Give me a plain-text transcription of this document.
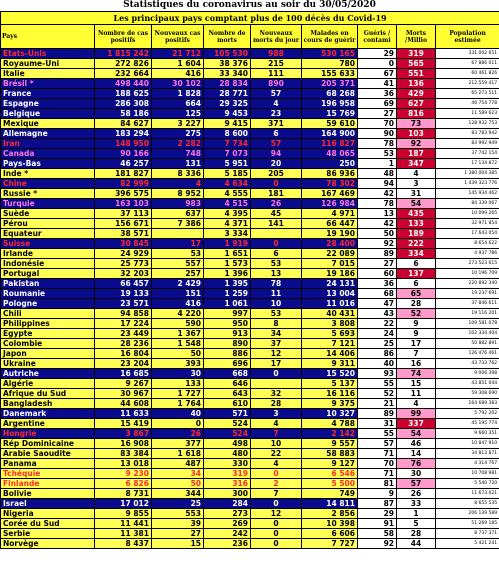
Statistiques du coronavirus au soir du 30/05/2020
Les principaux pays comptant plus de 100 décès du Covid-19								
Pays	Nombre de cas positifs	Nouveaux cas positifs	Nombre de morts	Nouveaux morts du jour	Malades en cours de guérir	Guéris / contami	Morts /Millio	Population estimée
Etats-Unis	1 815 242	21 712	105 530	988	530 165	29	319	331 002 651
Royaume-Uni	272 826	1 604	38 376	215	780	0	565	67 886 011
Italie	232 664	416	33 340	111	155 633	67	551	60 461 826
Brésil *	498 440	30 102	28 834	890	205 371	41	136	212 559 417
France	188 625	1 828	28 771	57	68 268	36	429	65 273 511
Espagne	286 308	664	29 325	4	196 958	69	627	46 754 778
Belgique	58 186	125	9 453	23	15 769	27	816	11 589 623
Mexique	84 627	3 227	9 415	371	59 610	70	73	128 932 753
Allemagne	183 294	275	8 600	6	164 900	90	103	83 783 942
Iran	148 950	2 282	7 734	57	116 827	78	92	83 992 949
Canada	90 166	748	7 073	94	48 065	53	187	37 742 154
Pays-Bas	46 257	131	5 951	20	250	1	347	17 134 872
Inde *	181 827	8 336	5 185	205	86 936	48	4	1 380 004 385
Chine	82 999	4	4 634	0	78 302	94	3	1 439 323 776
Russie *	396 575	8 952	4 555	181	167 469	42	31	145 934 462
Turquie	163 103	983	4 515	26	126 984	78	54	84 339 067
Suède	37 113	637	4 395	45	4 971	13	435	10 099 265
Pérou	156 671	7 386	4 371	141	66 447	42	133	32 971 854
Equateur	38 571		3 334		19 190	50	189	17 643 054
Suisse	30 845	17	1 919	0	28 400	92	222	8 654 622
Irlande	24 929	53	1 651	6	22 089	89	334	4 937 786
Indonésie	25 773	557	1 573	53	7 015	27	6	273 523 615
Portugal	32 203	257	1 396	13	19 186	60	137	10 196 709
Pakistan	66 457	2 429	1 395	78	24 131	36	6	220 892 340
Roumanie	19 133	151	1 259	11	13 004	68	65	19 237 691
Pologne	23 571	416	1 061	10	11 016	47	28	37 846 611
Chili	94 858	4 220	997	53	40 431	43	52	19 116 201
Philippines	17 224	590	950	8	3 808	22	9	109 581 078
Egypte	23 449	1 367	913	34	5 693	24	9	102 334 404
Colombie	28 236	1 548	890	37	7 121	25	17	50 882 891
Japon	16 804	50	886	12	14 406	86	7	126 476 461
Ukraine	23 204	393	696	17	9 311	40	16	43 733 762
Autriche	16 685	30	668	0	15 520	93	74	9 006 398
Algérie	9 267	133	646		5 137	55	15	43 851 044
Afrique du Sud	30 967	1 727	643	32	16 116	52	11	59 308 690
Bangladesh	44 608	1 764	610	28	9 375	21	4	164 689 383
Danemark	11 633	40	571	3	10 327	89	99	5 792 202
Argentine	15 419	0	524	4	4 788	31	337	45 195 774
Hongrie	3 867	26	524	7	2 142	55	54	9 660 351
Rép Dominicaine	16 908	377	498	10	9 557	57	46	10 847 910
Arabie Saoudite	83 384	1 618	480	22	58 883	71	14	34 813 871
Panama	13 018	487	330	4	9 127	70	76	4 314 767
Tchéquie	9 230	34	319	0	6 546	71	30	10 708 981
Finlande	6 826	50	316	2	5 500	81	57	5 540 720
Bolivie	8 731	344	300	7	749	9	26	11 673 021
Israel	17 012	25	284	0	14 811	87	33	8 655 535
Nigeria	9 855	553	273	12	2 856	29	1	206 139 589
Corée du Sud	11 441	39	269	0	10 398	91	5	51 269 185
Serbie	11 381	27	242	0	6 606	58	28	8 737 371
Norvège	8 437	15	236	0	7 727	92	44	5 421 241
